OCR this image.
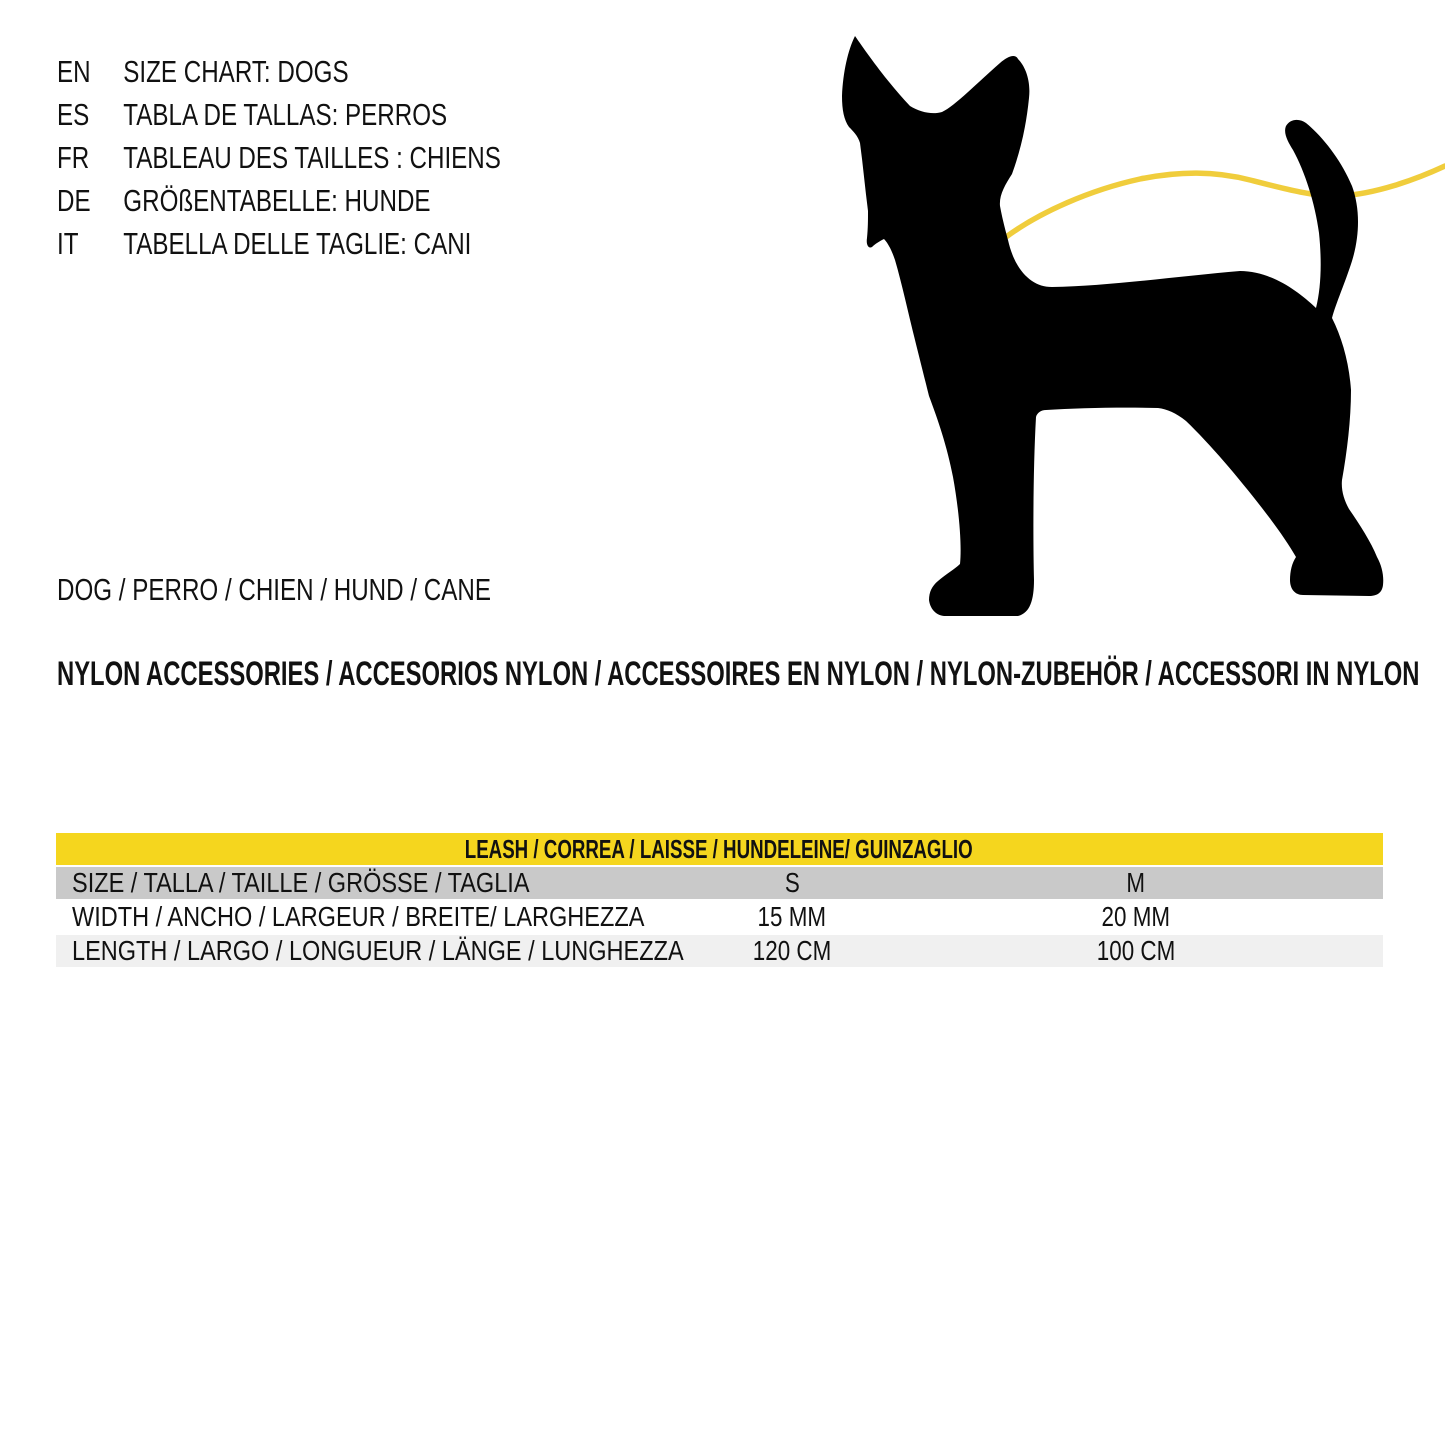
EN	SIZE CHART: DOGS
ES	TABLA DE TALLAS: PERROS
FR	TABLEAU DES TAILLES : CHIENS
DE	GRÖßENTABELLE: HUNDE
IT	TABELLA DELLE TAGLIE: CANI
DOG / PERRO / CHIEN / HUND / CANE
NYLON ACCESSORIES / ACCESORIOS NYLON / ACCESSOIRES EN NYLON / NYLON-ZUBEHÖR / ACCESSORI IN NYLON
LEASH / CORREA / LAISSE / HUNDELEINE/ GUINZAGLIO
SIZE / TALLA / TAILLE / GRÖSSE / TAGLIA	S	M
WIDTH / ANCHO / LARGEUR / BREITE/ LARGHEZZA	15 MM	20 MM
LENGTH / LARGO / LONGUEUR / LÄNGE / LUNGHEZZA	120 CM	100 CM
